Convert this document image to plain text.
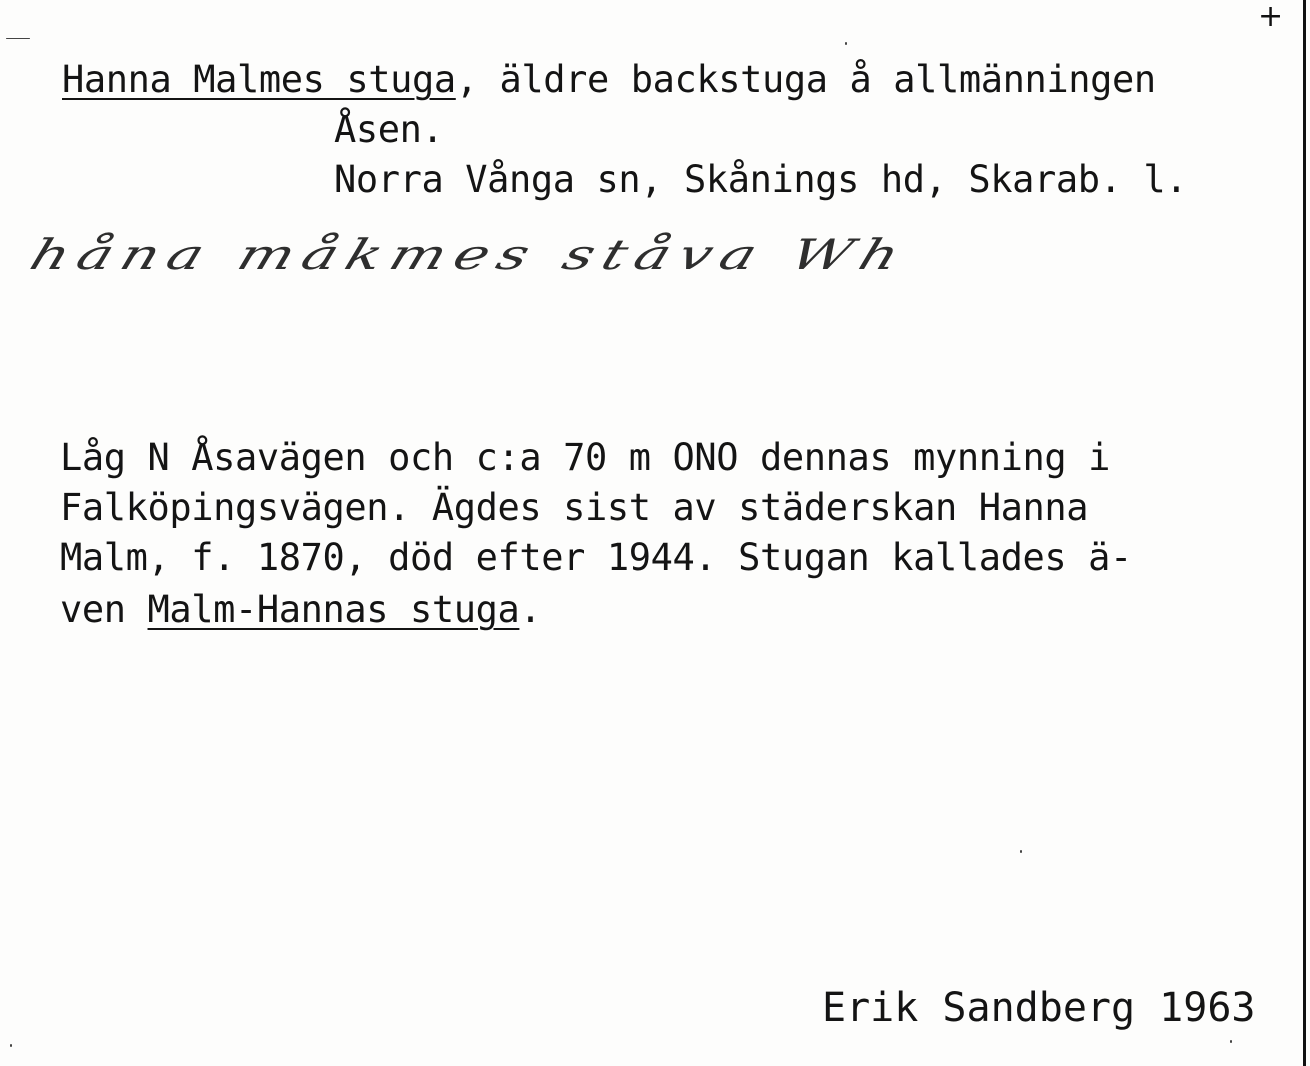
+
Hanna Malmes stuga, äldre backstuga å allmänningen
Åsen.
Norra Vånga sn, Skånings hd, Skarab. l.
håna måkmes ståva Wh
Låg N Åsavägen och c:a 70 m ONO dennas mynning i
Falköpingsvägen. Ägdes sist av städerskan Hanna
Malm, f. 1870, död efter 1944. Stugan kallades ä-
ven Malm-Hannas stuga.
Erik Sandberg 1963
